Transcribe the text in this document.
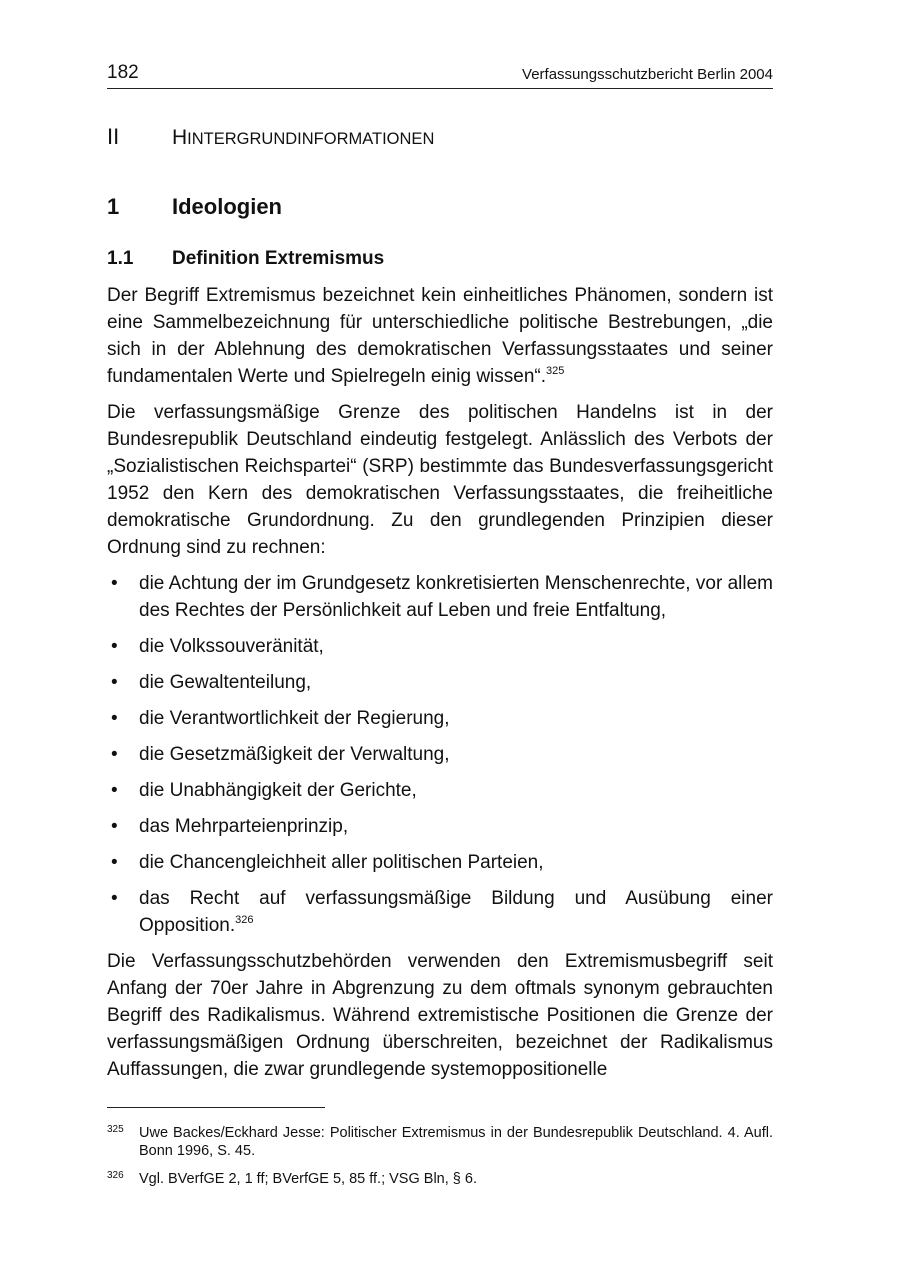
182	Verfassungsschutzbericht Berlin 2004
II	HINTERGRUNDINFORMATIONEN
1 Ideologien
1.1 Definition Extremismus

Der Begriff Extremismus bezeichnet kein einheitliches Phänomen, sondern ist eine Sammelbezeichnung für unterschiedliche politische Bestrebungen, „die sich in der Ablehnung des demokratischen Verfassungsstaates und seiner fundamentalen Werte und Spielregeln einig wissen“.$^{325}$

Die verfassungsmäßige Grenze des politischen Handelns ist in der Bundesrepublik Deutschland eindeutig festgelegt. Anlässlich des Verbots der „Sozialistischen Reichspartei“ (SRP) bestimmte das Bundesverfassungsgericht 1952 den Kern des demokratischen Verfassungsstaates, die freiheitliche demokratische Grundordnung. Zu den grundlegenden Prinzipien dieser Ordnung sind zu rechnen:

• die Achtung der im Grundgesetz konkretisierten Menschenrechte, vor allem des Rechtes der Persönlichkeit auf Leben und freie Entfaltung,
• die Volkssouveränität,
• die Gewaltenteilung,
• die Verantwortlichkeit der Regierung,
• die Gesetzmäßigkeit der Verwaltung,
• die Unabhängigkeit der Gerichte,
• das Mehrparteienprinzip,
• die Chancengleichheit aller politischen Parteien,
• das Recht auf verfassungsmäßige Bildung und Ausübung einer Opposition.$^{326}$

Die Verfassungsschutzbehörden verwenden den Extremismusbegriff seit Anfang der 70er Jahre in Abgrenzung zu dem oftmals synonym gebrauchten Begriff des Radikalismus. Während extremistische Positionen die Grenze der verfassungsmäßigen Ordnung überschreiten, bezeichnet der Radikalismus Auffassungen, die zwar grundlegende systemoppositionelle

325 Uwe Backes/Eckhard Jesse: Politischer Extremismus in der Bundesrepublik Deutschland. 4. Aufl. Bonn 1996, S. 45.
326 Vgl. BVerfGE 2, 1 ff; BVerfGE 5, 85 ff.; VSG Bln, § 6.
